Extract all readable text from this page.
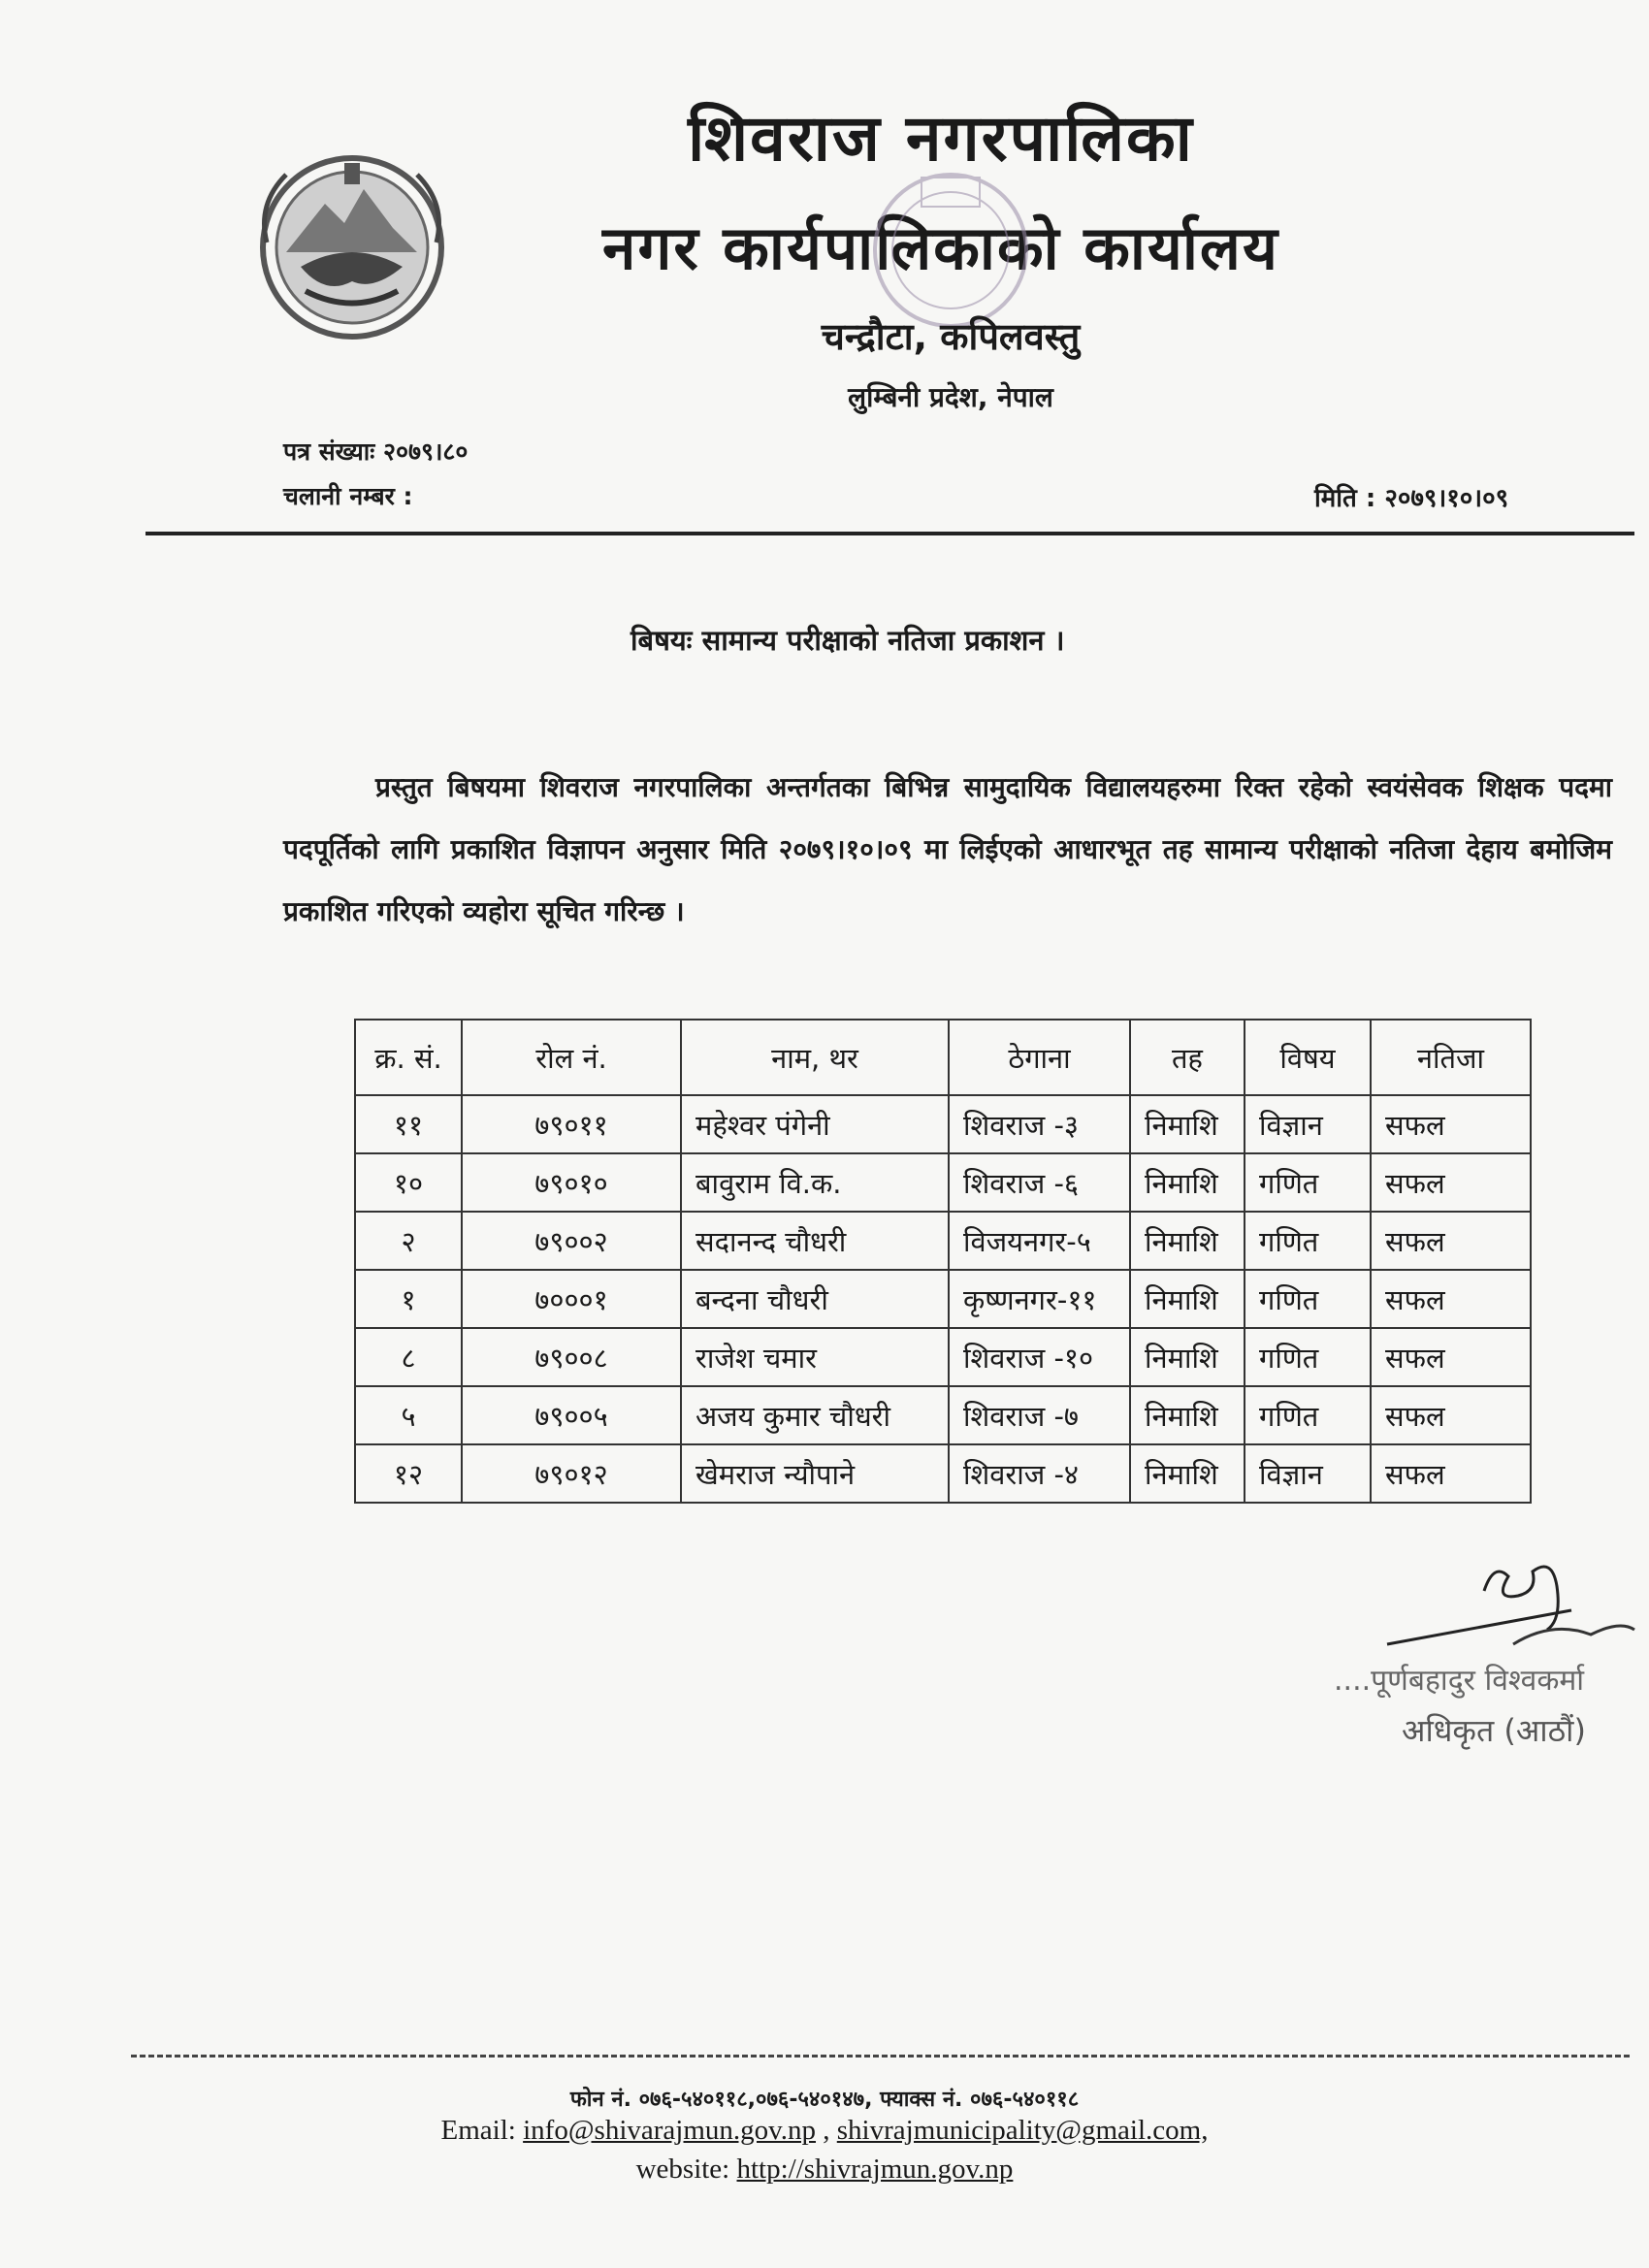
शिवराज नगरपालिका
नगर कार्यपालिकाको कार्यालय
चन्द्रौटा, कपिलवस्तु
लुम्बिनी प्रदेश, नेपाल
पत्र संख्याः २०७९।८०
चलानी नम्बर :	मिति : २०७९।१०।०९
बिषयः सामान्य परीक्षाको नतिजा प्रकाशन ।
प्रस्तुत बिषयमा शिवराज नगरपालिका अन्तर्गतका बिभिन्न सामुदायिक विद्यालयहरुमा रिक्त रहेको स्वयंसेवक शिक्षक पदमा पदपूर्तिको लागि प्रकाशित विज्ञापन अनुसार मिति २०७९।१०।०९ मा लिईएको आधारभूत तह सामान्य परीक्षाको नतिजा देहाय बमोजिम प्रकाशित गरिएको व्यहोरा सूचित गरिन्छ ।
क्र. सं.	रोल नं.	नाम, थर	ठेगाना	तह	विषय	नतिजा
११	७९०११	महेश्वर पंगेनी	शिवराज -३	निमाशि	विज्ञान	सफल
१०	७९०१०	बावुराम वि.क.	शिवराज -६	निमाशि	गणित	सफल
२	७९००२	सदानन्द चौधरी	विजयनगर-५	निमाशि	गणित	सफल
१	७०००१	बन्दना चौधरी	कृष्णनगर-११	निमाशि	गणित	सफल
८	७९००८	राजेश चमार	शिवराज -१०	निमाशि	गणित	सफल
५	७९००५	अजय कुमार चौधरी	शिवराज -७	निमाशि	गणित	सफल
१२	७९०१२	खेमराज न्यौपाने	शिवराज -४	निमाशि	विज्ञान	सफल
....पूर्णबहादुर विश्वकर्मा
अधिकृत (आठौं)
फोन नं. ०७६-५४०११८,०७६-५४०१४७, फ्याक्स नं. ०७६-५४०११८
Email: info@shivarajmun.gov.np , shivrajmunicipality@gmail.com,
website: http://shivrajmun.gov.np
